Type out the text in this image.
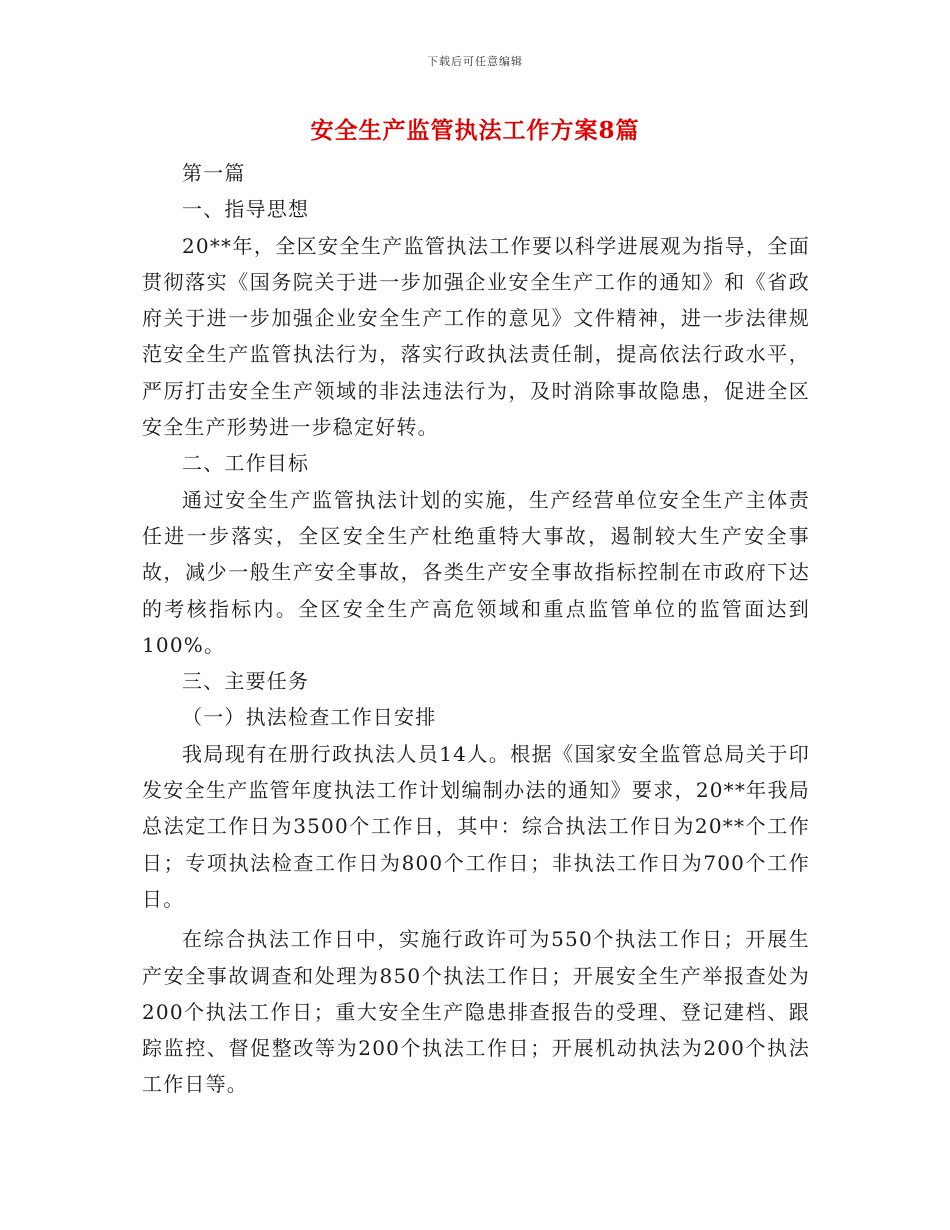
下载后可任意编辑
安全生产监管执法工作方案8篇

第一篇

一、指导思想

20**年，全区安全生产监管执法工作要以科学进展观为指导，全面贯彻落实《国务院关于进一步加强企业安全生产工作的通知》和《省政府关于进一步加强企业安全生产工作的意见》文件精神，进一步法律规范安全生产监管执法行为，落实行政执法责任制，提高依法行政水平，严厉打击安全生产领域的非法违法行为，及时消除事故隐患，促进全区安全生产形势进一步稳定好转。

二、工作目标

通过安全生产监管执法计划的实施，生产经营单位安全生产主体责任进一步落实，全区安全生产杜绝重特大事故，遏制较大生产安全事故，减少一般生产安全事故，各类生产安全事故指标控制在市政府下达的考核指标内。全区安全生产高危领域和重点监管单位的监管面达到100%。

三、主要任务

（一）执法检查工作日安排

我局现有在册行政执法人员14人。根据《国家安全监管总局关于印发安全生产监管年度执法工作计划编制办法的通知》要求，20**年我局总法定工作日为3500个工作日，其中：综合执法工作日为20**个工作日；专项执法检查工作日为800个工作日；非执法工作日为700个工作日。

在综合执法工作日中，实施行政许可为550个执法工作日；开展生产安全事故调查和处理为850个执法工作日；开展安全生产举报查处为200个执法工作日；重大安全生产隐患排查报告的受理、登记建档、跟踪监控、督促整改等为200个执法工作日；开展机动执法为200个执法工作日等。
